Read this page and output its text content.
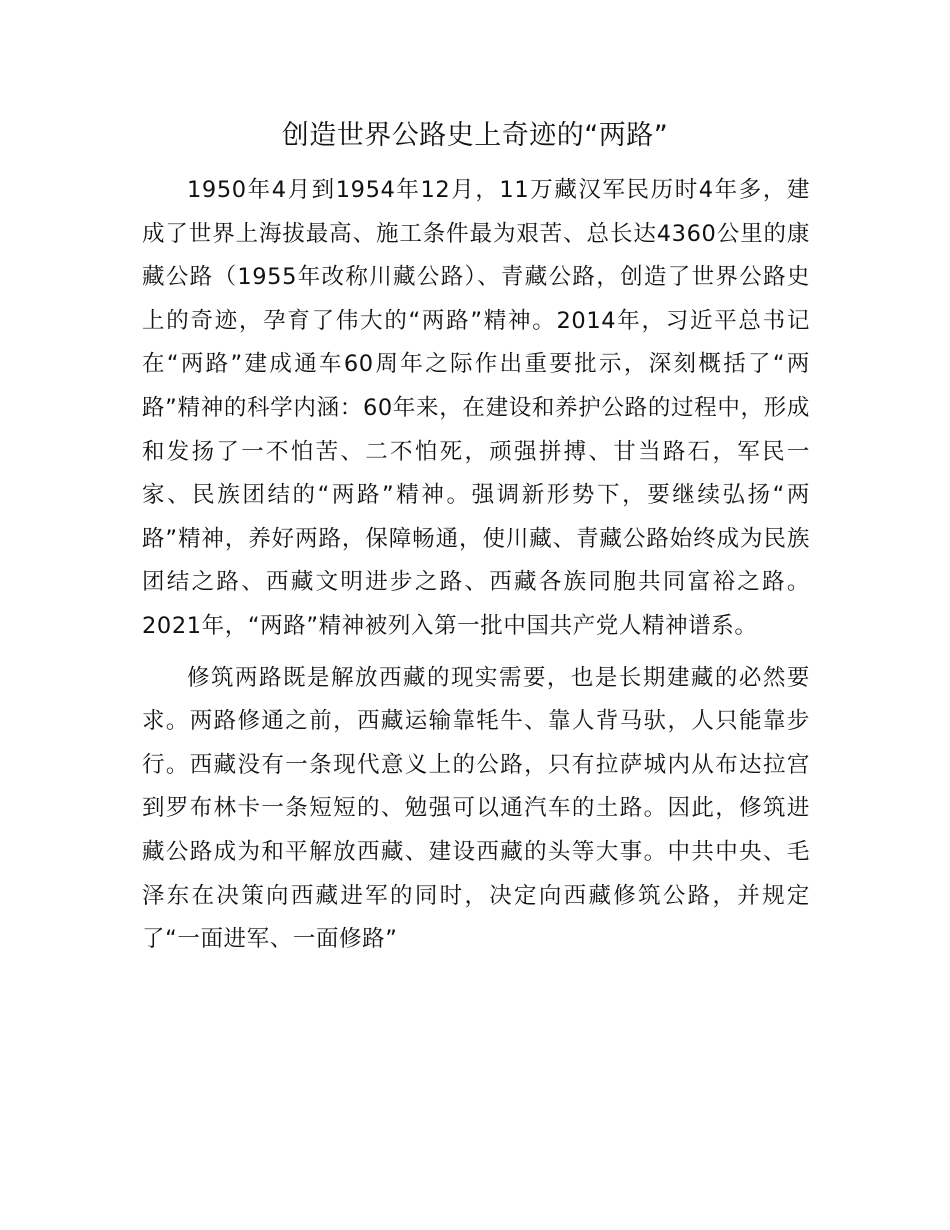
创造世界公路史上奇迹的“两路”

1950年4月到1954年12月，11万藏汉军民历时4年多，建成了世界上海拔最高、施工条件最为艰苦、总长达4360公里的康藏公路（1955年改称川藏公路）、青藏公路，创造了世界公路史上的奇迹，孕育了伟大的“两路”精神。2014年，习近平总书记在“两路”建成通车60周年之际作出重要批示，深刻概括了“两路”精神的科学内涵：60年来，在建设和养护公路的过程中，形成和发扬了一不怕苦、二不怕死，顽强拼搏、甘当路石，军民一家、民族团结的“两路”精神。强调新形势下，要继续弘扬“两路”精神，养好两路，保障畅通，使川藏、青藏公路始终成为民族团结之路、西藏文明进步之路、西藏各族同胞共同富裕之路。2021年，“两路”精神被列入第一批中国共产党人精神谱系。

修筑两路既是解放西藏的现实需要，也是长期建藏的必然要求。两路修通之前，西藏运输靠牦牛、靠人背马驮，人只能靠步行。西藏没有一条现代意义上的公路，只有拉萨城内从布达拉宫到罗布林卡一条短短的、勉强可以通汽车的土路。因此，修筑进藏公路成为和平解放西藏、建设西藏的头等大事。中共中央、毛泽东在决策向西藏进军的同时，决定向西藏修筑公路，并规定了“一面进军、一面修路”
